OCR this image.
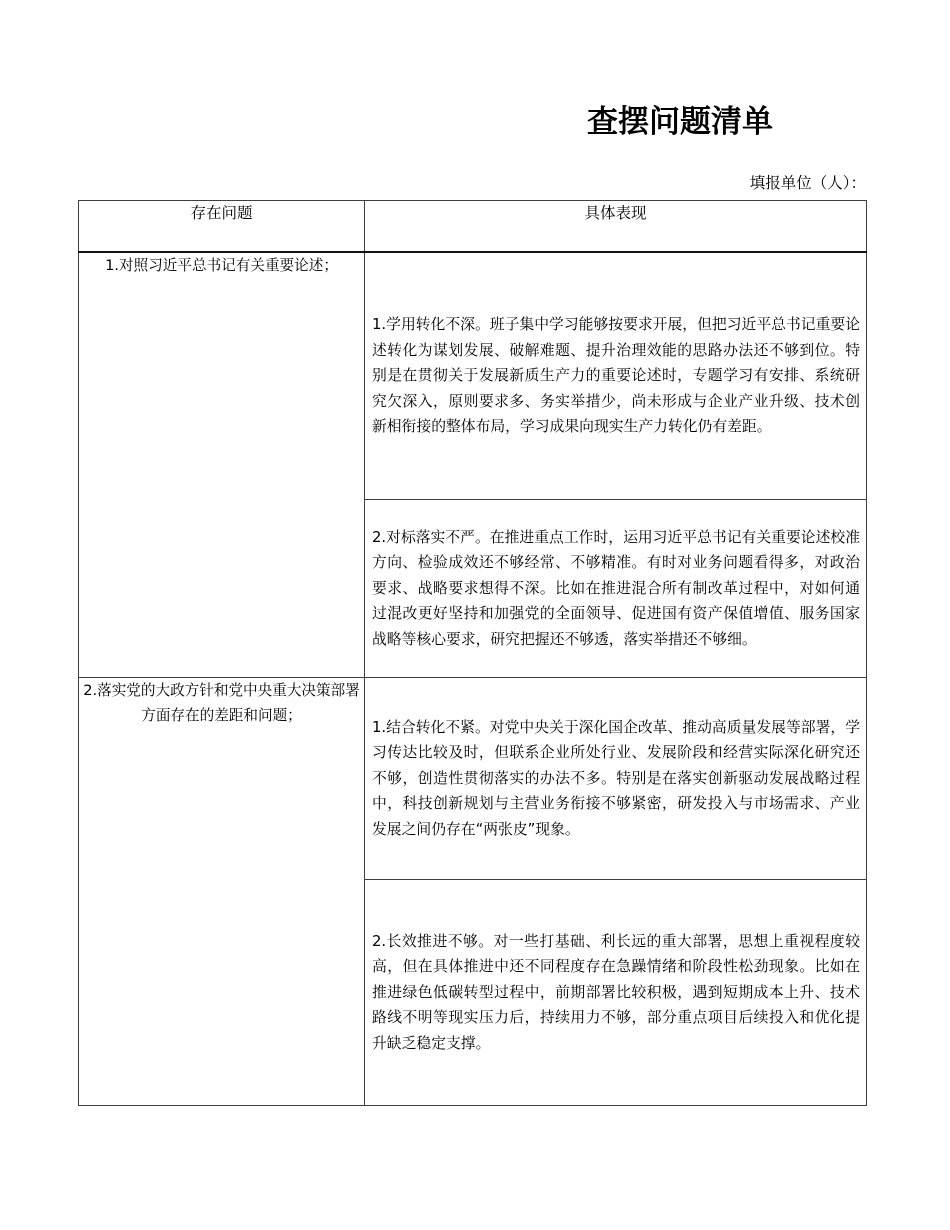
查摆问题清单
填报单位（人）：
存在问题	具体表现

1.对照习近平总书记有关重要论述；	1.学用转化不深。班子集中学习能够按要求开展，但把习近平总书记重要论述转化为谋划发展、破解难题、提升治理效能的思路办法还不够到位。特别是在贯彻关于发展新质生产力的重要论述时，专题学习有安排、系统研究欠深入，原则要求多、务实举措少，尚未形成与企业产业升级、技术创新相衔接的整体布局，学习成果向现实生产力转化仍有差距。
2.对标落实不严。在推进重点工作时，运用习近平总书记有关重要论述校准方向、检验成效还不够经常、不够精准。有时对业务问题看得多，对政治要求、战略要求想得不深。比如在推进混合所有制改革过程中，对如何通过混改更好坚持和加强党的全面领导、促进国有资产保值增值、服务国家战略等核心要求，研究把握还不够透，落实举措还不够细。

2.落实党的大政方针和党中央重大决策部署方面存在的差距和问题；	1.结合转化不紧。对党中央关于深化国企改革、推动高质量发展等部署，学习传达比较及时，但联系企业所处行业、发展阶段和经营实际深化研究还不够，创造性贯彻落实的办法不多。特别是在落实创新驱动发展战略过程中，科技创新规划与主营业务衔接不够紧密，研发投入与市场需求、产业发展之间仍存在“两张皮”现象。
2.长效推进不够。对一些打基础、利长远的重大部署，思想上重视程度较高，但在具体推进中还不同程度存在急躁情绪和阶段性松劲现象。比如在推进绿色低碳转型过程中，前期部署比较积极，遇到短期成本上升、技术路线不明等现实压力后，持续用力不够，部分重点项目后续投入和优化提升缺乏稳定支撑。
